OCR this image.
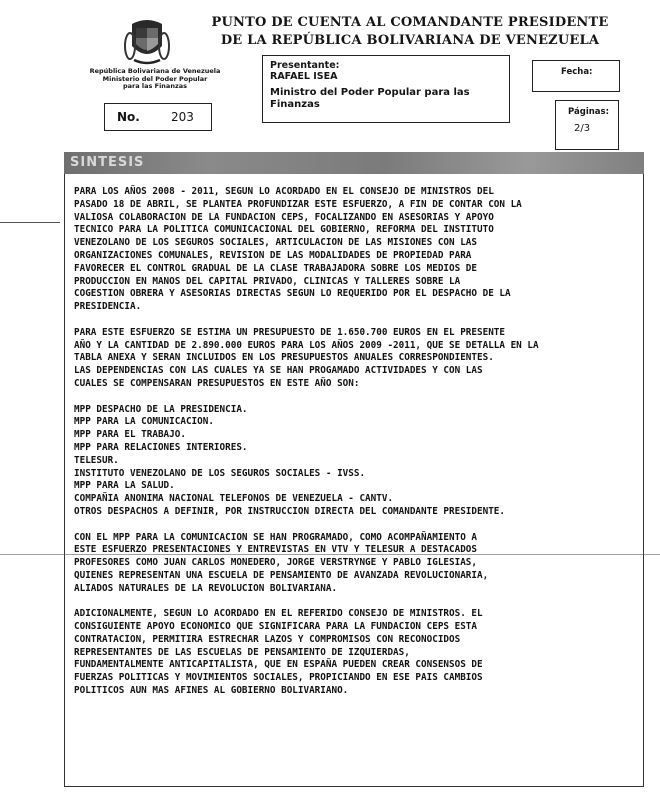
República Bolivariana de Venezuela
Ministerio del Poder Popular
para las Finanzas
PUNTO DE CUENTA AL COMANDANTE PRESIDENTE
DE LA REPÚBLICA BOLIVARIANA DE VENEZUELA
No.	203
Presentante:
RAFAEL ISEA
Ministro del Poder Popular para las
Finanzas
Fecha:
Páginas:
2/3
SINTESIS
PARA LOS AÑOS 2008 - 2011, SEGUN LO ACORDADO EN EL CONSEJO DE MINISTROS DEL
PASADO 18 DE ABRIL, SE PLANTEA PROFUNDIZAR ESTE ESFUERZO, A FIN DE CONTAR CON LA
VALIOSA COLABORACION DE LA FUNDACION CEPS, FOCALIZANDO EN ASESORIAS Y APOYO
TECNICO PARA LA POLITICA COMUNICACIONAL DEL GOBIERNO, REFORMA DEL INSTITUTO
VENEZOLANO DE LOS SEGUROS SOCIALES, ARTICULACION DE LAS MISIONES CON LAS
ORGANIZACIONES COMUNALES, REVISION DE LAS MODALIDADES DE PROPIEDAD PARA
FAVORECER EL CONTROL GRADUAL DE LA CLASE TRABAJADORA SOBRE LOS MEDIOS DE
PRODUCCION EN MANOS DEL CAPITAL PRIVADO, CLINICAS Y TALLERES SOBRE LA
COGESTION OBRERA Y ASESORIAS DIRECTAS SEGUN LO REQUERIDO POR EL DESPACHO DE LA
PRESIDENCIA.
PARA ESTE ESFUERZO SE ESTIMA UN PRESUPUESTO DE 1.650.700 EUROS EN EL PRESENTE
AÑO Y LA CANTIDAD DE 2.890.000 EUROS PARA LOS AÑOS 2009 -2011, QUE SE DETALLA EN LA
TABLA ANEXA Y SERAN INCLUIDOS EN LOS PRESUPUESTOS ANUALES CORRESPONDIENTES.
LAS DEPENDENCIAS CON LAS CUALES YA SE HAN PROGAMADO ACTIVIDADES Y CON LAS
CUALES SE COMPENSARAN PRESUPUESTOS EN ESTE AÑO SON:
MPP DESPACHO DE LA PRESIDENCIA.
MPP PARA LA COMUNICACION.
MPP PARA EL TRABAJO.
MPP PARA RELACIONES INTERIORES.
TELESUR.
INSTITUTO VENEZOLANO DE LOS SEGUROS SOCIALES - IVSS.
MPP PARA LA SALUD.
COMPAÑIA ANONIMA NACIONAL TELEFONOS DE VENEZUELA - CANTV.
OTROS DESPACHOS A DEFINIR, POR INSTRUCCION DIRECTA DEL COMANDANTE PRESIDENTE.
CON EL MPP PARA LA COMUNICACION SE HAN PROGRAMADO, COMO ACOMPAÑAMIENTO A
ESTE ESFUERZO PRESENTACIONES Y ENTREVISTAS EN VTV Y TELESUR A DESTACADOS
PROFESORES COMO JUAN CARLOS MONEDERO, JORGE VERSTRYNGE Y PABLO IGLESIAS,
QUIENES REPRESENTAN UNA ESCUELA DE PENSAMIENTO DE AVANZADA REVOLUCIONARIA,
ALIADOS NATURALES DE LA REVOLUCION BOLIVARIANA.
ADICIONALMENTE, SEGUN LO ACORDADO EN EL REFERIDO CONSEJO DE MINISTROS. EL
CONSIGUIENTE APOYO ECONOMICO QUE SIGNIFICARA PARA LA FUNDACION CEPS ESTA
CONTRATACION, PERMITIRA ESTRECHAR LAZOS Y COMPROMISOS CON RECONOCIDOS
REPRESENTANTES DE LAS ESCUELAS DE PENSAMIENTO DE IZQUIERDAS,
FUNDAMENTALMENTE ANTICAPITALISTA, QUE EN ESPAÑA PUEDEN CREAR CONSENSOS DE
FUERZAS POLITICAS Y MOVIMIENTOS SOCIALES, PROPICIANDO EN ESE PAIS CAMBIOS
POLITICOS AUN MAS AFINES AL GOBIERNO BOLIVARIANO.
